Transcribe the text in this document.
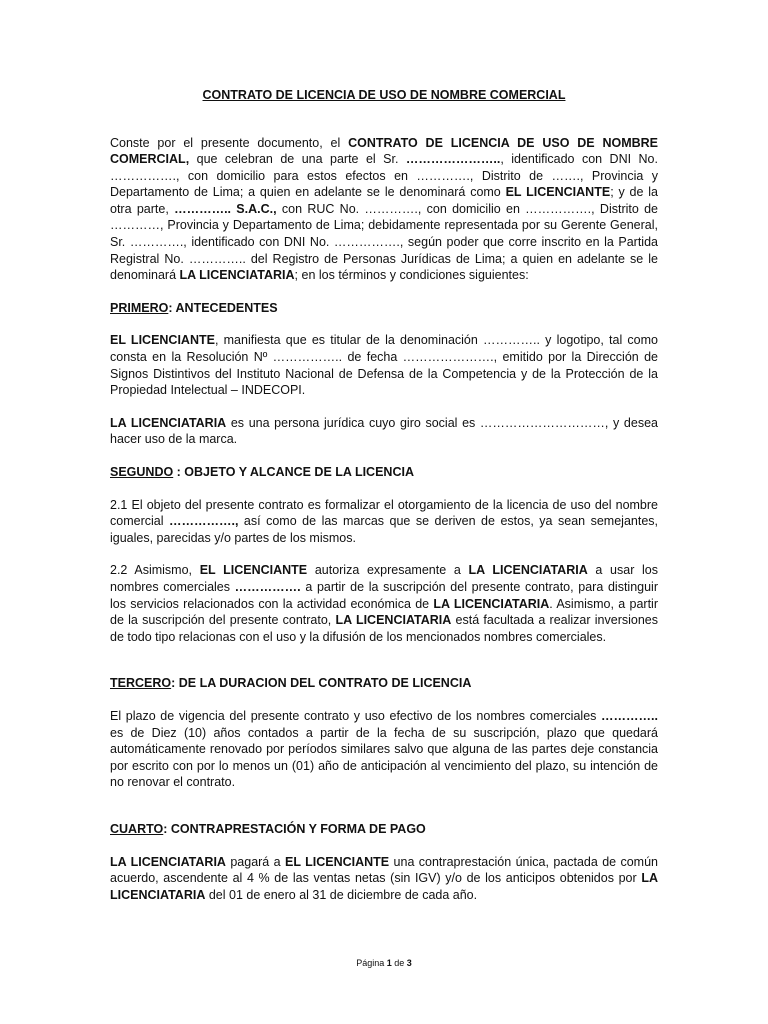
CONTRATO DE LICENCIA DE USO DE NOMBRE COMERCIAL

Conste por el presente documento, el CONTRATO DE LICENCIA DE USO DE NOMBRE COMERCIAL, que celebran de una parte el Sr. ………………….., identificado con DNI No. ……………., con domicilio para estos efectos en …………., Distrito de ……., Provincia y Departamento de Lima; a quien en adelante se le denominará como EL LICENCIANTE; y de la otra parte, ………….. S.A.C., con RUC No. …………., con domicilio en ……………., Distrito de …………, Provincia y Departamento de Lima; debidamente representada por su Gerente General, Sr. …………., identificado con DNI No. ……………., según poder que corre inscrito en la Partida Registral No. ………….. del Registro de Personas Jurídicas de Lima; a quien en adelante se le denominará LA LICENCIATARIA; en los términos y condiciones siguientes:

PRIMERO: ANTECEDENTES

EL LICENCIANTE, manifiesta que es titular de la denominación ………….. y logotipo, tal como consta en la Resolución Nº …………….. de fecha …………………., emitido por la Dirección de Signos Distintivos del Instituto Nacional de Defensa de la Competencia y de la Protección de la Propiedad Intelectual – INDECOPI.

LA LICENCIATARIA es una persona jurídica cuyo giro social es …………………………, y desea hacer uso de la marca.

SEGUNDO : OBJETO Y ALCANCE DE LA LICENCIA

2.1 El objeto del presente contrato es formalizar el otorgamiento de la licencia de uso del nombre comercial ……………., así como de las marcas que se deriven de estos, ya sean semejantes, iguales, parecidas y/o partes de los mismos.

2.2 Asimismo, EL LICENCIANTE autoriza expresamente a LA LICENCIATARIA a usar los nombres comerciales ……………. a partir de la suscripción del presente contrato, para distinguir los servicios relacionados con la actividad económica de LA LICENCIATARIA. Asimismo, a partir de la suscripción del presente contrato, LA LICENCIATARIA está facultada a realizar inversiones de todo tipo relacionas con el uso y la difusión de los mencionados nombres comerciales.

TERCERO: DE LA DURACION DEL CONTRATO DE LICENCIA

El plazo de vigencia del presente contrato y uso efectivo de los nombres comerciales ………….. es de Diez (10) años contados a partir de la fecha de su suscripción, plazo que quedará automáticamente renovado por períodos similares salvo que alguna de las partes deje constancia por escrito con por lo menos un (01) año de anticipación al vencimiento del plazo, su intención de no renovar el contrato.

CUARTO: CONTRAPRESTACIÓN Y FORMA DE PAGO

LA LICENCIATARIA pagará a EL LICENCIANTE una contraprestación única, pactada de común acuerdo, ascendente al 4 % de las ventas netas (sin IGV) y/o de los anticipos obtenidos por LA LICENCIATARIA del 01 de enero al 31 de diciembre de cada año.

Página 1 de 3
